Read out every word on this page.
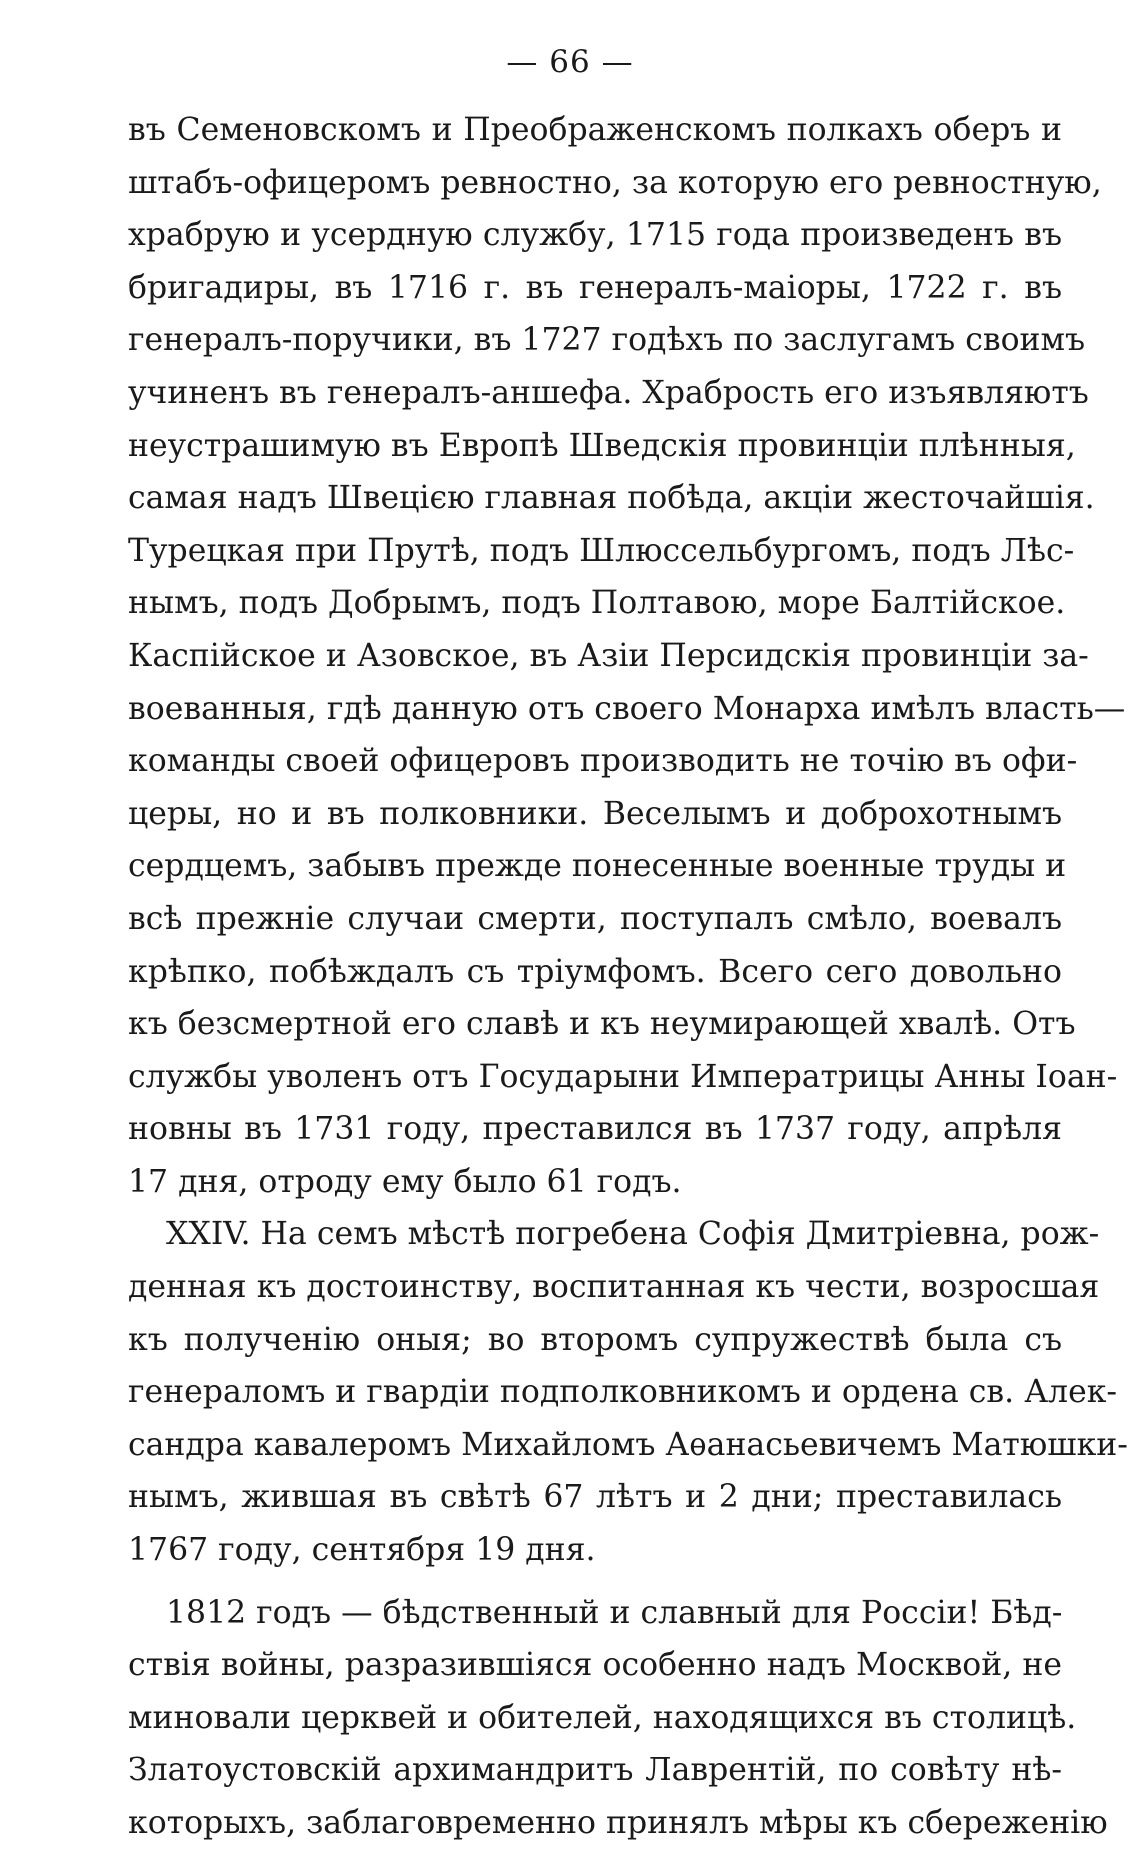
— 66 —
въ Семеновскомъ и Преображенскомъ полкахъ оберъ и
штабъ-офицеромъ ревностно, за которую его ревностную,
храбрую и усердную службу, 1715 года произведенъ въ
бригадиры, въ 1716 г. въ генералъ-маіоры, 1722 г. въ
генералъ-поручики, въ 1727 годѣхъ по заслугамъ своимъ
учиненъ въ генералъ-аншефа. Храбрость его изъявляютъ
неустрашимую въ Европѣ Шведскія провинціи плѣнныя,
самая надъ Швецією главная побѣда, акціи жесточайшія.
Турецкая при Прутѣ, подъ Шлюссельбургомъ, подъ Лѣс-
нымъ, подъ Добрымъ, подъ Полтавою, море Балтійское.
Каспійское и Азовское, въ Азіи Персидскія провинціи за-
воеванныя, гдѣ данную отъ своего Монарха имѣлъ власть—
команды своей офицеровъ производить не точію въ офи-
церы, но и въ полковники. Веселымъ и доброхотнымъ
сердцемъ, забывъ прежде понесенные военные труды и
всѣ прежніе случаи смерти, поступалъ смѣло, воевалъ
крѣпко, побѣждалъ съ тріумфомъ. Всего сего довольно
къ безсмертной его славѣ и къ неумирающей хвалѣ. Отъ
службы уволенъ отъ Государыни Императрицы Анны Іоан-
новны въ 1731 году, преставился въ 1737 году, апрѣля
17 дня, отроду ему было 61 годъ.
XXIV. На семъ мѣстѣ погребена Софія Дмитріевна, рож-
денная къ достоинству, воспитанная къ чести, возросшая
къ полученію оныя; во второмъ супружествѣ была съ
генераломъ и гвардіи подполковникомъ и ордена св. Алек-
сандра кавалеромъ Михайломъ Аѳанасьевичемъ Матюшки-
нымъ, жившая въ свѣтѣ 67 лѣтъ и 2 дни; преставилась
1767 году, сентября 19 дня.
1812 годъ — бѣдственный и славный для Россіи! Бѣд-
ствія войны, разразившіяся особенно надъ Москвой, не
миновали церквей и обителей, находящихся въ столицѣ.
Златоустовскій архимандритъ Лаврентій, по совѣту нѣ-
которыхъ, заблаговременно принялъ мѣры къ сбереженію
